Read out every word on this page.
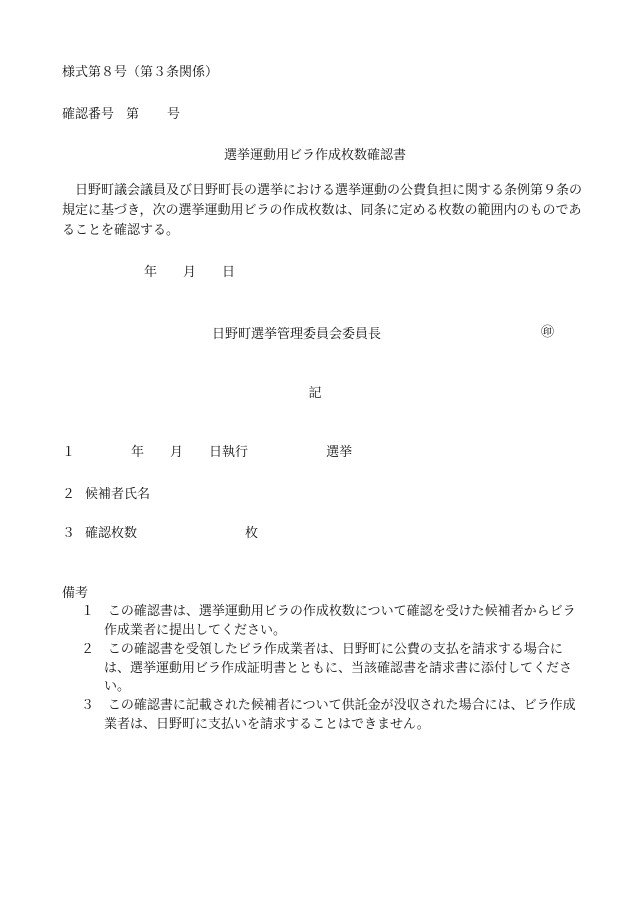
様式第８号（第３条関係）
確認番号 第 号
選挙運動用ビラ作成枚数確認書
日野町議会議員及び日野町長の選挙における選挙運動の公費負担に関する条例第９条の規定に基づき，次の選挙運動用ビラの作成枚数は、同条に定める枚数の範囲内のものであることを確認する。
年 月 日
日野町選挙管理委員会委員長	㊞
記
１	年 月 日執行	選挙
２ 候補者氏名
３ 確認枚数	枚
備考
１	この確認書は、選挙運動用ビラの作成枚数について確認を受けた候補者からビラ作成業者に提出してください。
２	この確認書を受領したビラ作成業者は、日野町に公費の支払を請求する場合には、選挙運動用ビラ作成証明書とともに、当該確認書を請求書に添付してください。
３	この確認書に記載された候補者について供託金が没収された場合には、ビラ作成業者は、日野町に支払いを請求することはできません。
